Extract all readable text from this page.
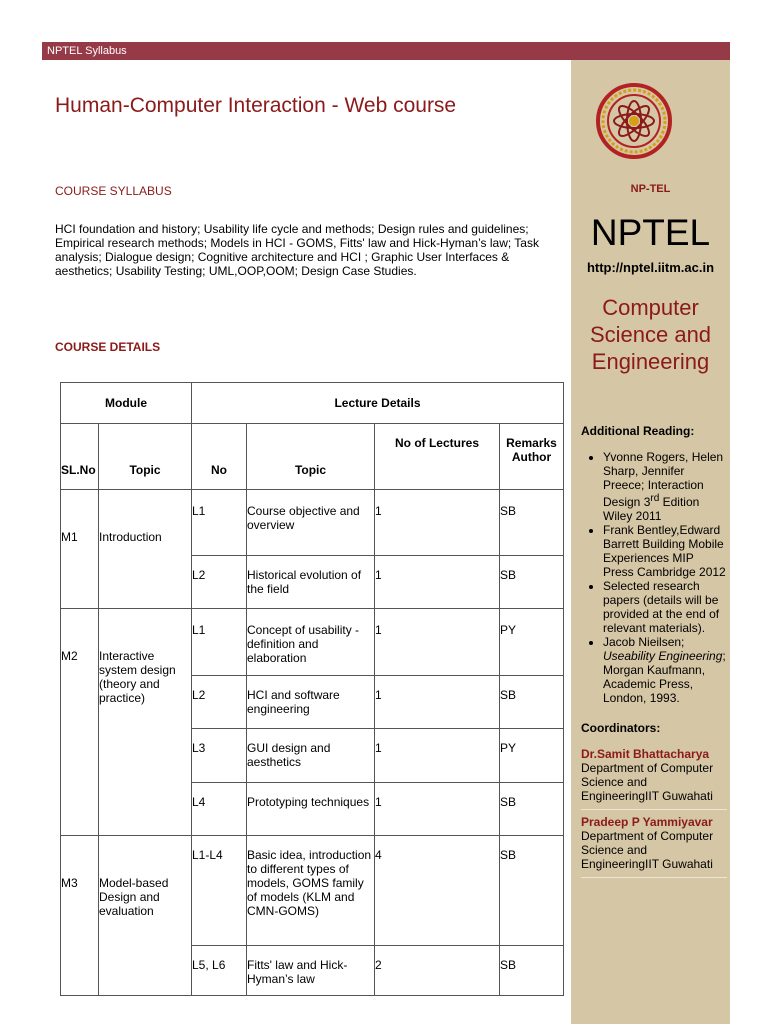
NPTEL Syllabus
Human-Computer Interaction - Web course
COURSE SYLLABUS
HCI foundation and history; Usability life cycle and methods; Design rules and guidelines; Empirical research methods; Models in HCI - GOMS, Fitts' law and Hick-Hyman’s law; Task analysis; Dialogue design; Cognitive architecture and HCI ; Graphic User Interfaces & aesthetics; Usability Testing; UML,OOP,OOM; Design Case Studies.
COURSE DETAILS
Module		Lecture Details			
SL.No	Topic	No	Topic	No of Lectures	Remarks Author
M1	Introduction	L1	Course objective and overview	1	SB
		L2	Historical evolution of the field	1	SB
M2	Interactive system design (theory and practice)	L1	Concept of usability - definition and elaboration	1	PY
		L2	HCI and software engineering	1	SB
		L3	GUI design and aesthetics	1	PY
		L4	Prototyping techniques	1	SB
M3	Model-based Design and evaluation	L1-L4	Basic idea, introduction to different types of models, GOMS family of models (KLM and CMN-GOMS)	4	SB
		L5, L6	Fitts' law and Hick-Hyman’s law	2	SB
NP-TEL
NPTEL
http://nptel.iitm.ac.in
Computer Science and Engineering
Additional Reading:
• Yvonne Rogers, Helen Sharp, Jennifer Preece; Interaction Design 3rd Edition Wiley 2011
• Frank Bentley,Edward Barrett Building Mobile Experiences MIP Press Cambridge 2012
• Selected research papers (details will be provided at the end of relevant materials).
• Jacob Nieilsen; Useability Engineering; Morgan Kaufmann, Academic Press, London, 1993.
Coordinators:
Dr.Samit Bhattacharya
Department of Computer Science and EngineeringIIT Guwahati
Pradeep P Yammiyavar
Department of Computer Science and EngineeringIIT Guwahati
